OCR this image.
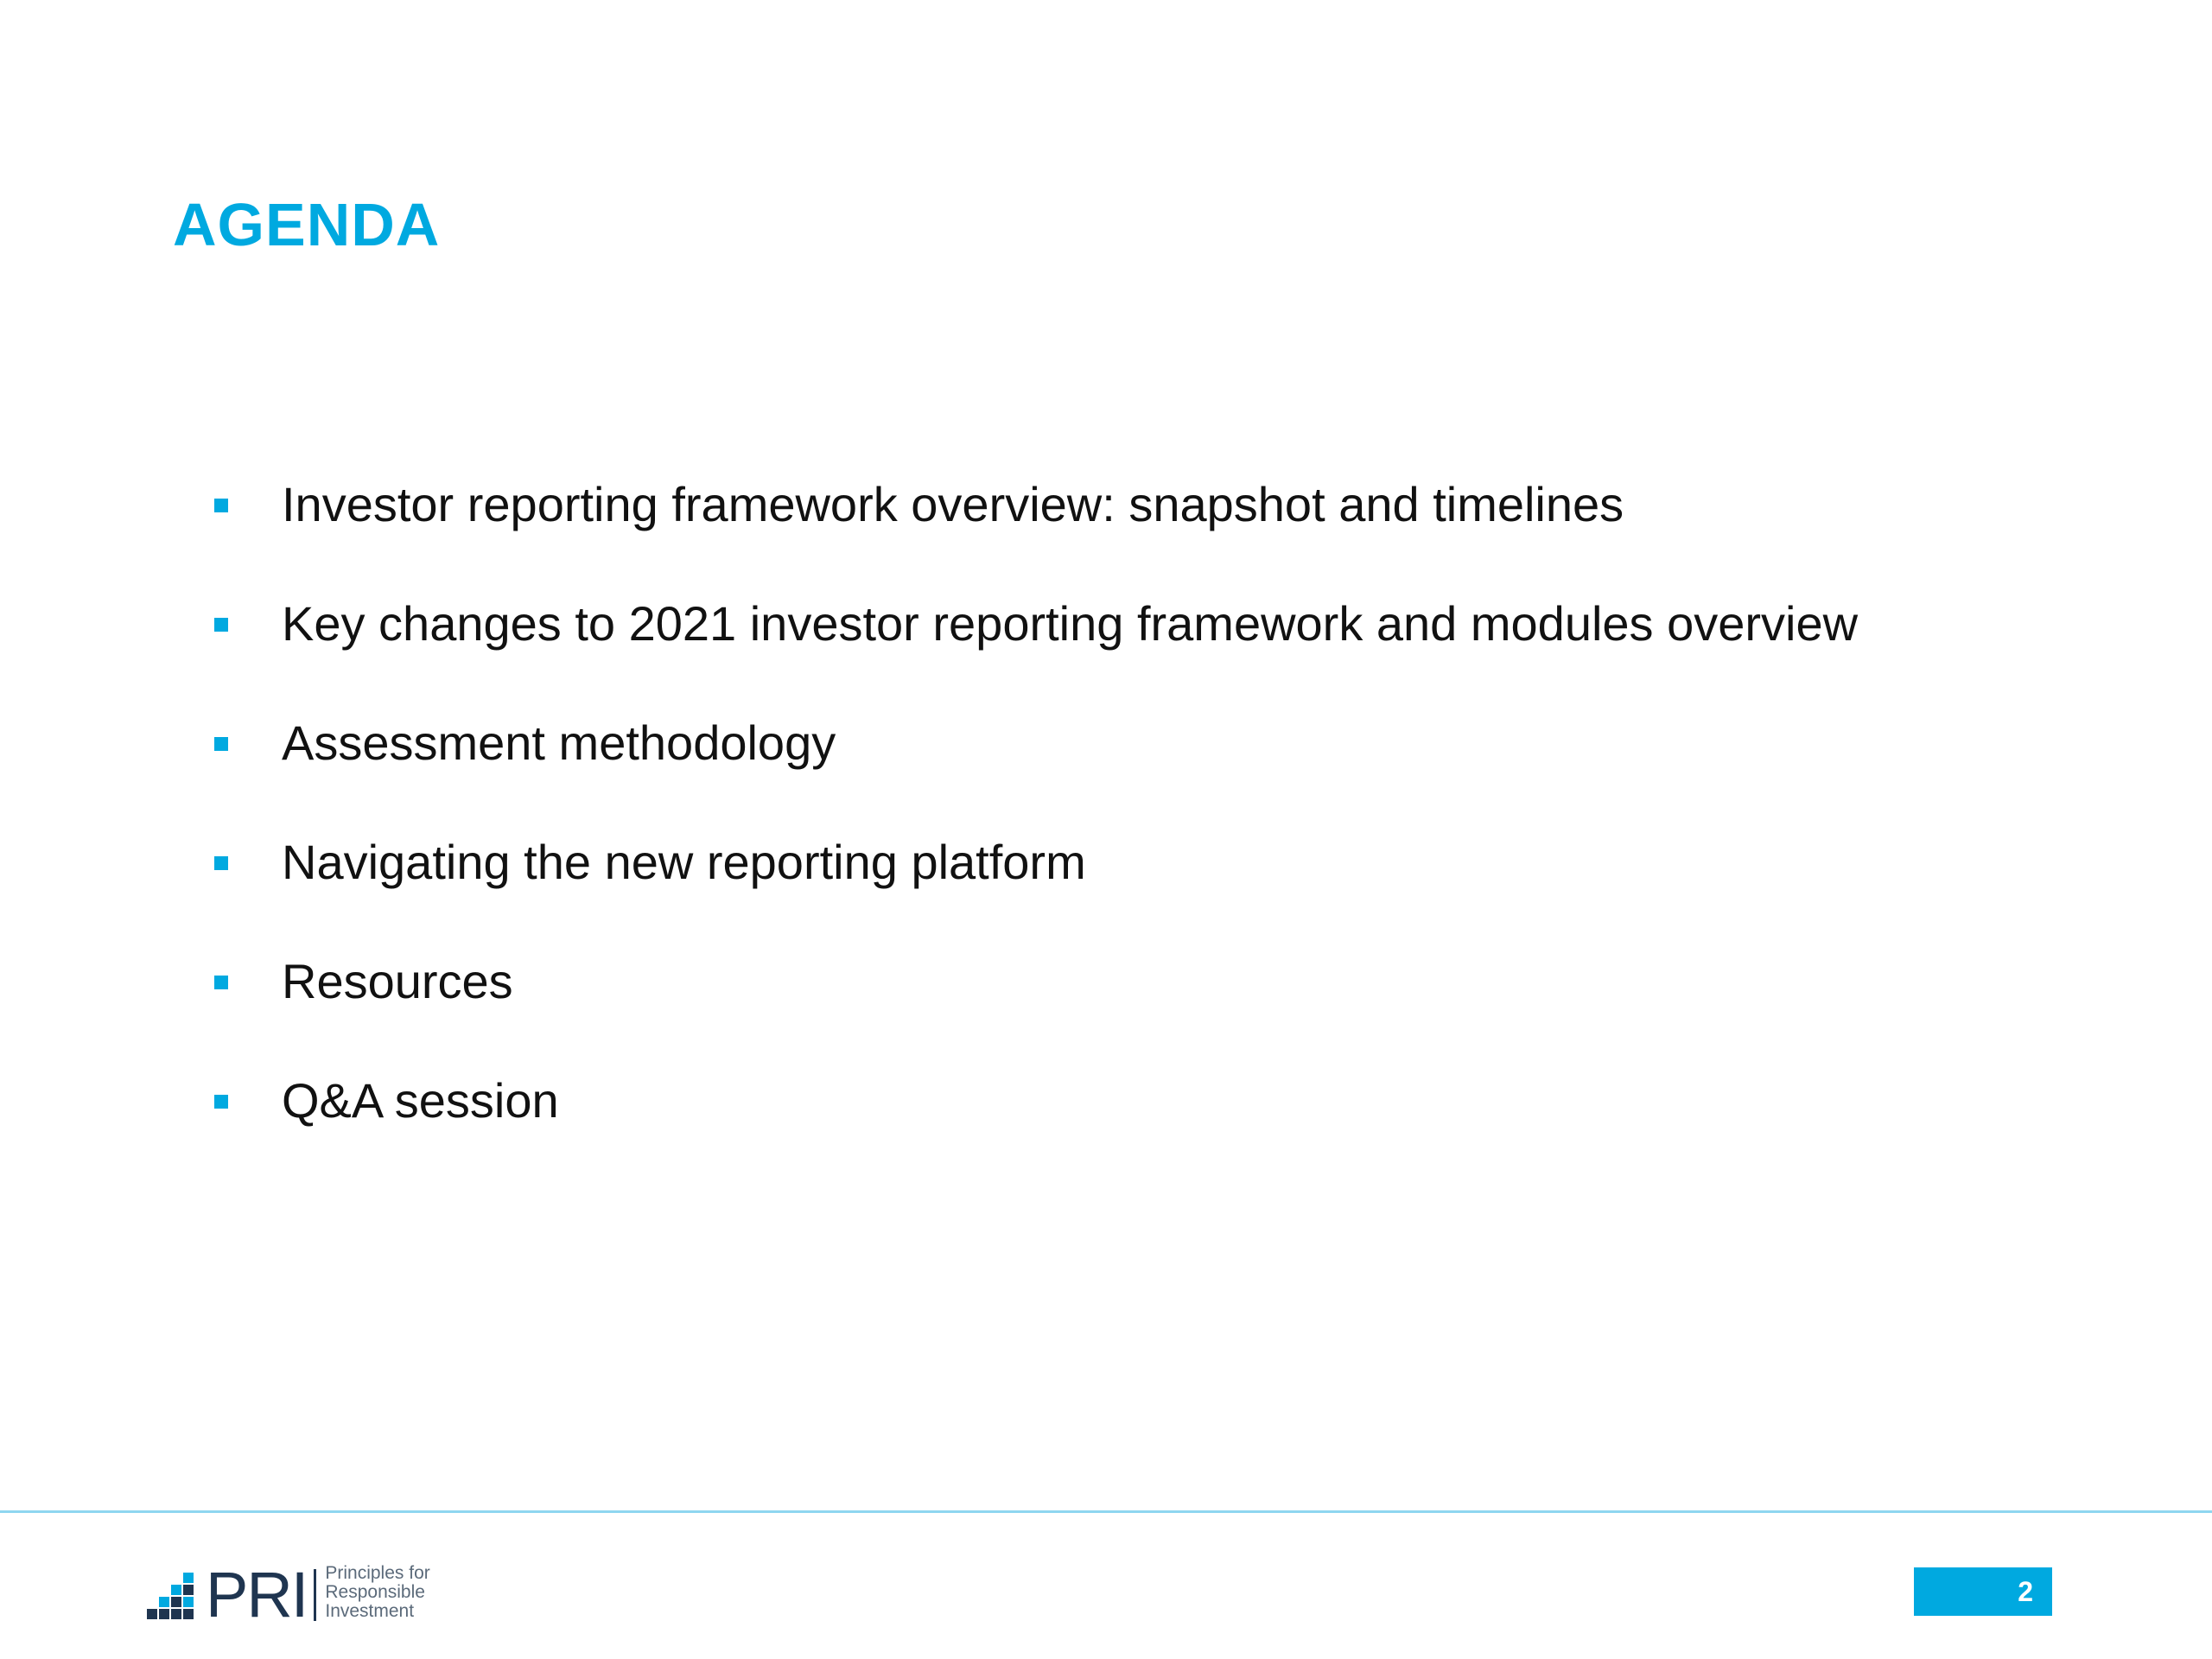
AGENDA
Investor reporting framework overview: snapshot and timelines
Key changes to 2021 investor reporting framework and modules overview
Assessment methodology
Navigating the new reporting platform
Resources
Q&A session
PRI Principles for
Responsible
Investment
2
